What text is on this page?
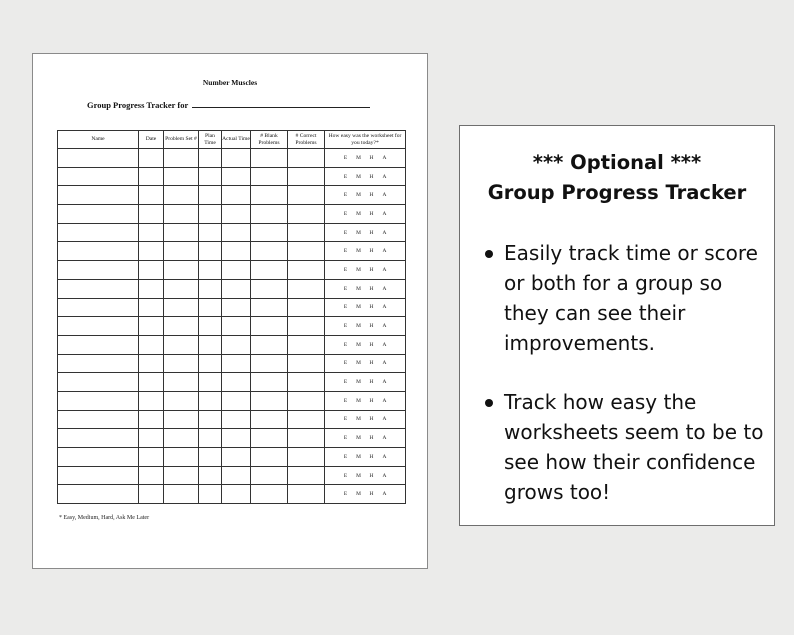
Number Muscles
Group Progress Tracker for
Name	Date	Problem Set #	Plan Time	Actual Time	# Blank Problems	# Correct Problems	How easy was the worksheet for you today?*
							E M H A
							E M H A
							E M H A
							E M H A
							E M H A
							E M H A
							E M H A
							E M H A
							E M H A
							E M H A
							E M H A
							E M H A
							E M H A
							E M H A
							E M H A
							E M H A
							E M H A
							E M H A
							E M H A
* Easy, Medium, Hard, Ask Me Later
*** Optional ***
Group Progress Tracker
Easily track time or score or both for a group so they can see their improvements.
Track how easy the worksheets seem to be to see how their confidence grows too!
